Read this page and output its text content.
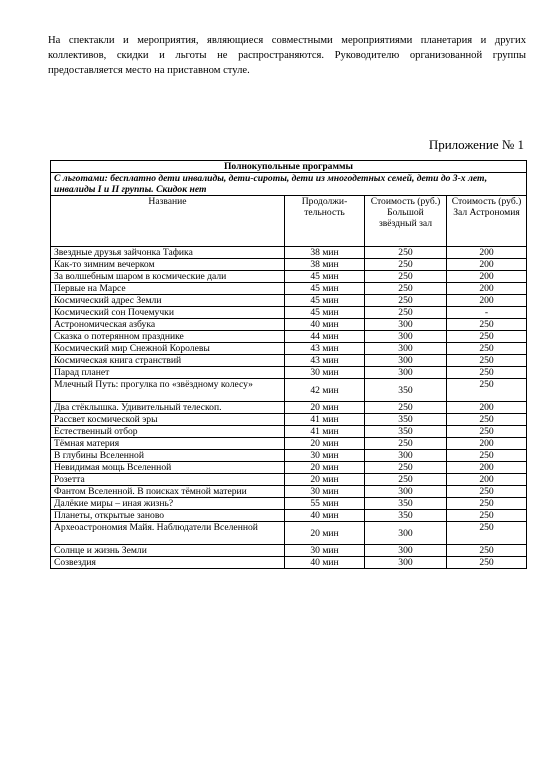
На спектакли и мероприятия, являющиеся совместными мероприятиями планетария и других коллективов, скидки и льготы не распространяются. Руководителю организованной группы предоставляется место на приставном стуле.

Приложение № 1
Полнокупольные программы			
С льготами: бесплатно дети инвалиды, дети-сироты, дети из многодетных семей, дети до 3-х лет, инвалиды I и II группы. Скидок нет			
Название	Продолжи-тельность	Стоимость (руб.) Большой звёздный зал	Стоимость (руб.) Зал Астрономия
Звездные друзья зайчонка Тафика	38 мин	250	200
Как-то зимним вечерком	38 мин	250	200
За волшебным шаром в космические дали	45 мин	250	200
Первые на Марсе	45 мин	250	200
Космический адрес Земли	45 мин	250	200
Космический сон Почемучки	45 мин	250	-
Астрономическая азбука	40 мин	300	250
Сказка о потерянном празднике	44 мин	300	250
Космический мир Снежной Королевы	43 мин	300	250
Космическая книга странствий	43 мин	300	250
Парад планет	30 мин	300	250
Млечный Путь: прогулка по «звёздному колесу»	42 мин	350	250
Два стёклышка. Удивительный телескоп.	20 мин	250	200
Рассвет космической эры	41 мин	350	250
Естественный отбор	41 мин	350	250
Тёмная материя	20 мин	250	200
В глубины Вселенной	30 мин	300	250
Невидимая мощь Вселенной	20 мин	250	200
Розетта	20 мин	250	200
Фантом Вселенной. В поисках тёмной материи	30 мин	300	250
Далёкие миры – иная жизнь?	55 мин	350	250
Планеты, открытые заново	40 мин	350	250
Археоастрономия Майя. Наблюдатели Вселенной	20 мин	300	250
Солнце и жизнь Земли	30 мин	300	250
Созвездия	40 мин	300	250
